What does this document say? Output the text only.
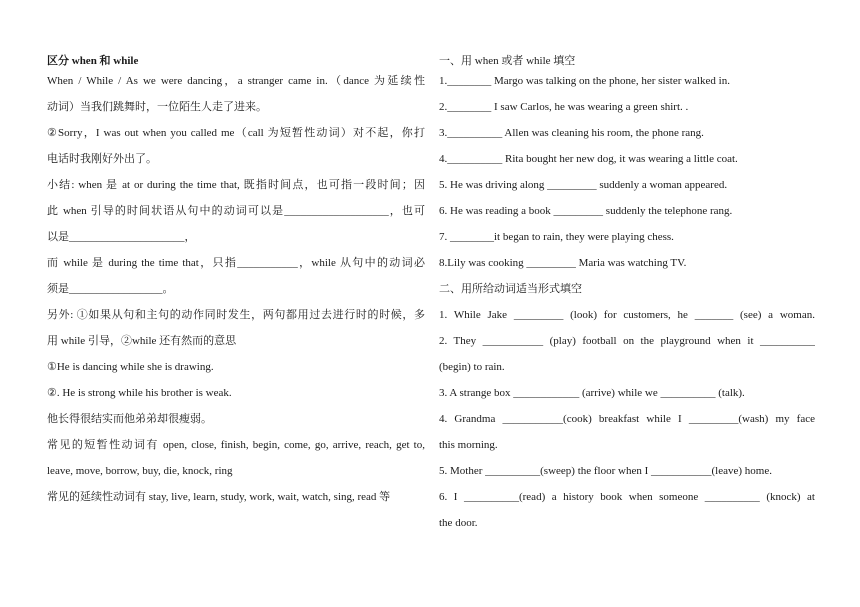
区分 when 和 while
When / While / As we were dancing，a stranger came in.（dance 为延续性
动词）当我们跳舞时，一位陌生人走了进来。
②Sorry，I was out when you called me（call 为短暂性动词）对不起，你打
电话时我刚好外出了。
小结: when 是 at or during the time that, 既指时间点，也可指一段时间；因
此 when 引导的时间状语从句中的动词可以是___________________，也可
以是_____________________，
而 while 是 during the time that，只指___________，while 从句中的动词必
须是_________________。
另外: ①如果从句和主句的动作同时发生，两句都用过去进行时的时候，多
用 while 引导，②while 还有然而的意思
①He is dancing while she is drawing.
②. He is strong while his brother is weak.
他长得很结实而他弟弟却很瘦弱。
常见的短暂性动词有 open, close, finish, begin, come, go, arrive, reach, get to,
leave, move, borrow, buy, die, knock, ring
常见的延续性动词有 stay, live, learn, study, work, wait, watch, sing, read 等
一、用 when 或者 while 填空
1.________ Margo was talking on the phone, her sister walked in.
2.________ I saw Carlos, he was wearing a green shirt. .
3.__________ Allen was cleaning his room, the phone rang.
4.__________ Rita bought her new dog, it was wearing a little coat.
5. He was driving along _________ suddenly a woman appeared.
6. He was reading a book _________ suddenly the telephone rang.
7. ________it began to rain, they were playing chess.
8.Lily was cooking _________ Maria was watching TV.
二、用所给动词适当形式填空
1. While Jake _________ (look) for customers, he _______ (see) a woman.
2. They ___________ (play) football on the playground when it __________
(begin) to rain.
3. A strange box ____________ (arrive) while we __________ (talk).
4. Grandma ___________(cook) breakfast while I _________(wash) my face
this morning.
5. Mother __________(sweep) the floor when I ___________(leave) home.
6. I __________(read) a history book when someone __________ (knock) at
the door.
